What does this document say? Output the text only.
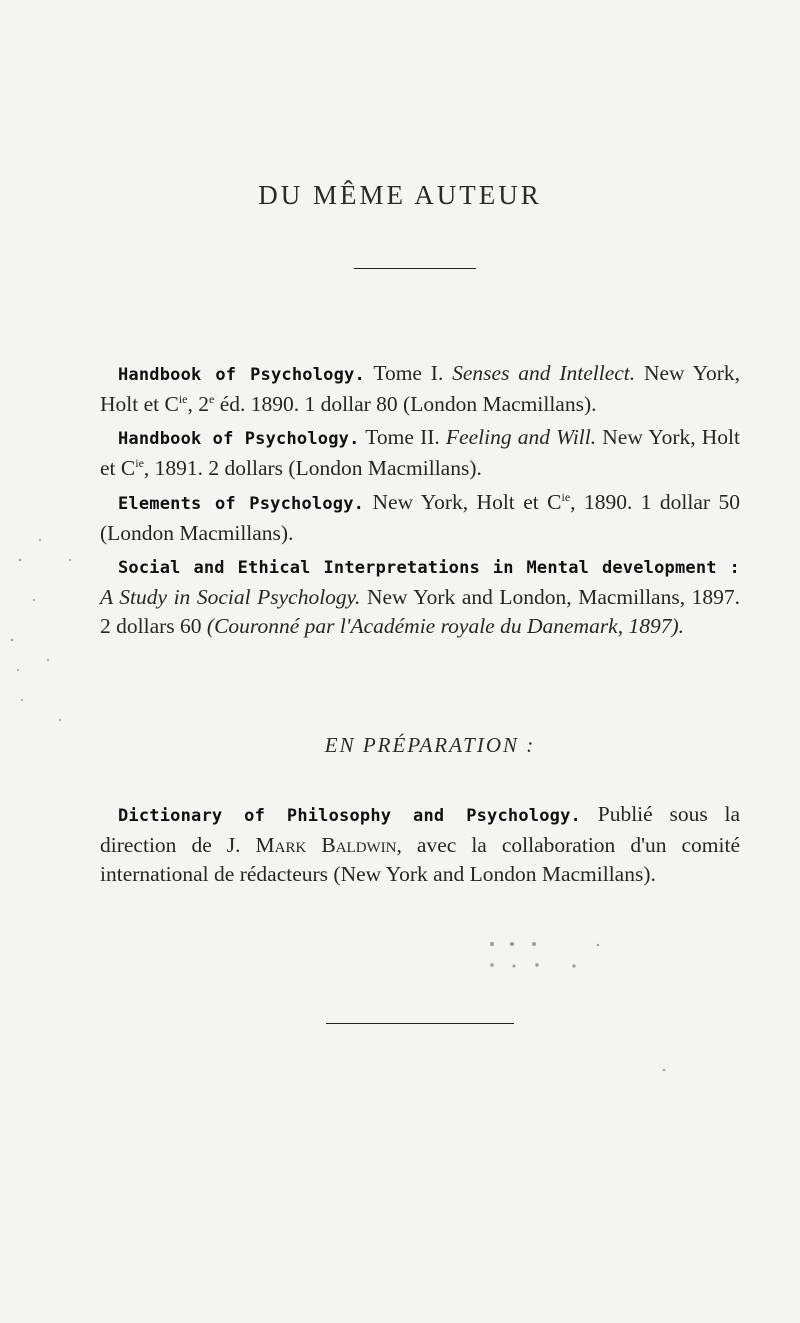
DU MÊME AUTEUR

Handbook of Psychology. Tome I. Senses and Intellect. New York, Holt et $C^{ie}$, 2e éd. 1890. 1 dollar 80 (London Macmillans).

Handbook of Psychology. Tome II. Feeling and Will. New York, Holt et $C^{ie}$, 1891. 2 dollars (London Macmillans).

Elements of Psychology. New York, Holt et $C^{ie}$, 1890. 1 dollar 50 (London Macmillans).

Social and Ethical Interpretations in Mental development : A Study in Social Psychology. New York and London, Macmillans, 1897. 2 dollars 60 (Couronné par l'Académie royale du Danemark, 1897).

EN PRÉPARATION :

Dictionary of Philosophy and Psychology. Publié sous la direction de J. Mark Baldwin, avec la collaboration d'un comité international de rédacteurs (New York and London Macmillans).
